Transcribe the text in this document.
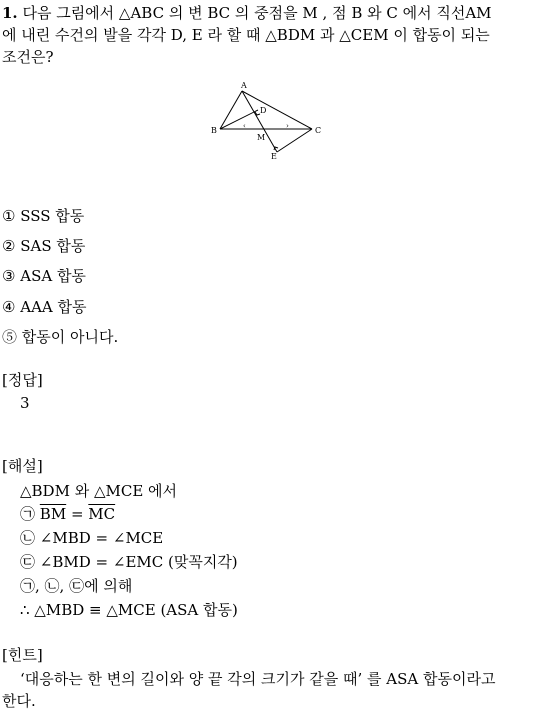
1. 다음 그림에서 △ABC 의 변 BC 의 중점을 M , 점 B 와 C 에서 직선AM
에 내린 수건의 발을 각각 D, E 라 할 때 △BDM 과 △CEM 이 합동이 되는
조건은?
A
B	C
D
M
E
‹	›
① SSS 합동
② SAS 합동
③ ASA 합동
④ AAA 합동
⑤ 합동이 아니다.
[정답]
3
[해설]
△BDM 와 △MCE 에서
㉠ $\overline{BM} = \overline{MC}$
㉡ ∠MBD = ∠MCE
㉢ ∠BMD = ∠EMC (맞꼭지각)
㉠, ㉡, ㉢에 의해
∴ △MBD ≡ △MCE (ASA 합동)
[힌트]
‘대응하는 한 변의 길이와 양 끝 각의 크기가 같을 때’ 를 ASA 합동이라고
한다.
